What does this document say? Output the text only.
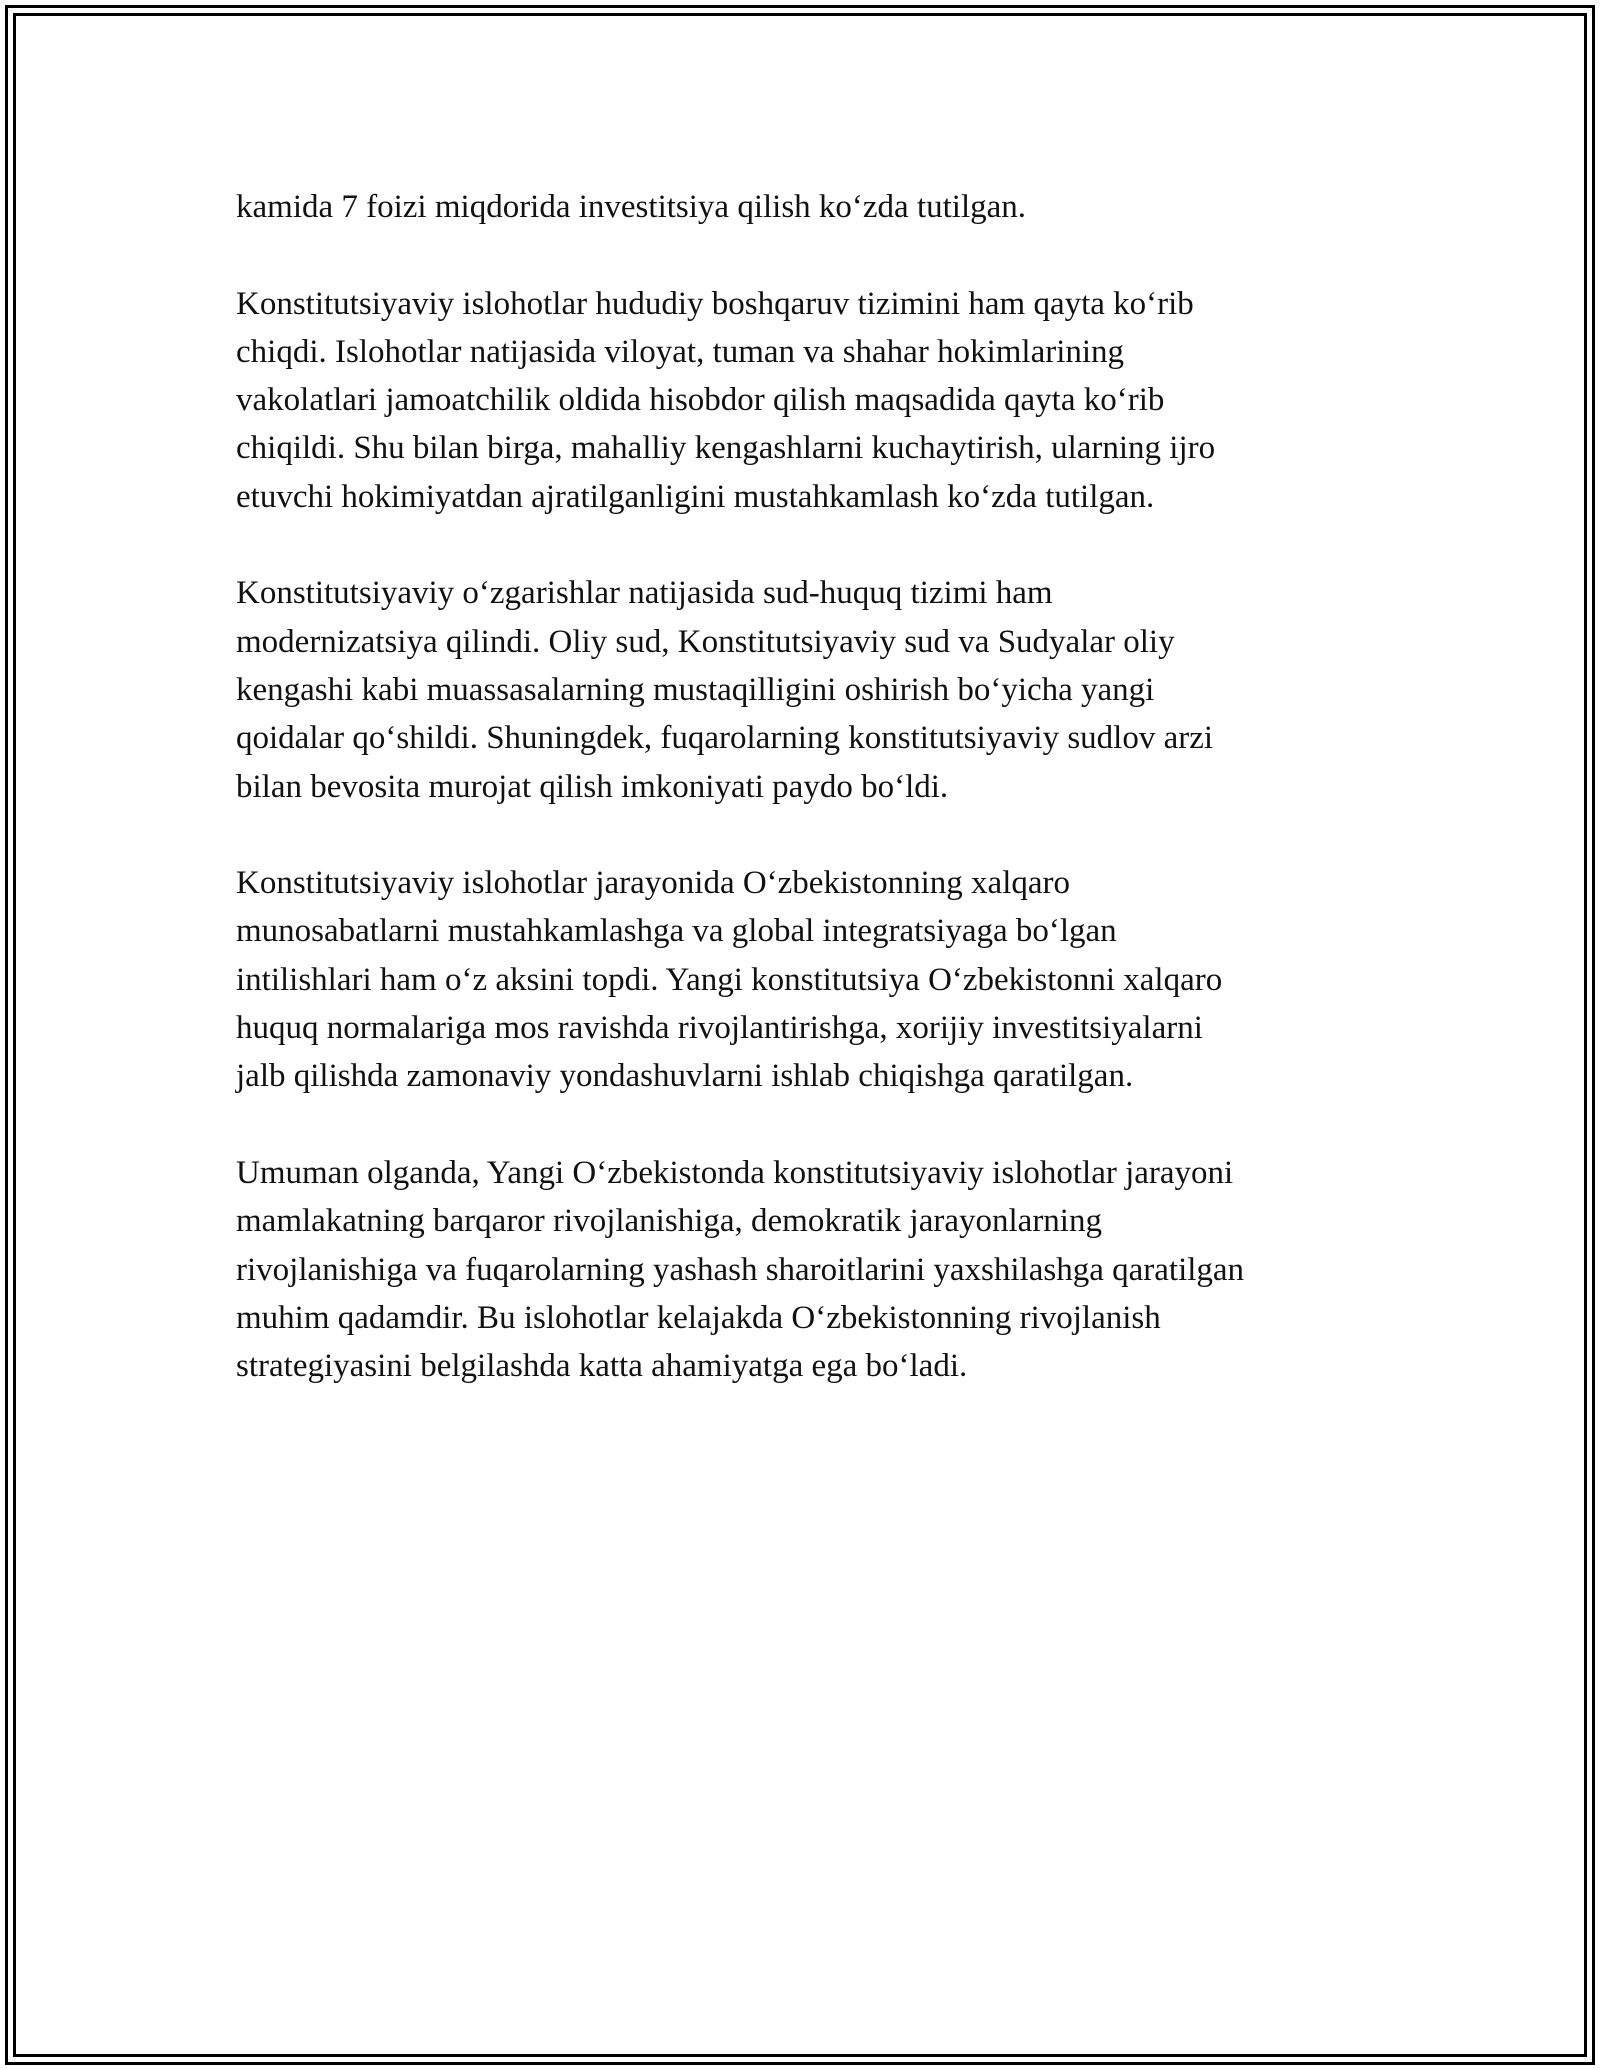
kamida 7 foizi miqdorida investitsiya qilish ko‘zda tutilgan.

Konstitutsiyaviy islohotlar hududiy boshqaruv tizimini ham qayta ko‘rib
chiqdi. Islohotlar natijasida viloyat, tuman va shahar hokimlarining
vakolatlari jamoatchilik oldida hisobdor qilish maqsadida qayta ko‘rib
chiqildi. Shu bilan birga, mahalliy kengashlarni kuchaytirish, ularning ijro
etuvchi hokimiyatdan ajratilganligini mustahkamlash ko‘zda tutilgan.

Konstitutsiyaviy o‘zgarishlar natijasida sud-huquq tizimi ham
modernizatsiya qilindi. Oliy sud, Konstitutsiyaviy sud va Sudyalar oliy
kengashi kabi muassasalarning mustaqilligini oshirish bo‘yicha yangi
qoidalar qo‘shildi. Shuningdek, fuqarolarning konstitutsiyaviy sudlov arzi
bilan bevosita murojat qilish imkoniyati paydo bo‘ldi.

Konstitutsiyaviy islohotlar jarayonida O‘zbekistonning xalqaro
munosabatlarni mustahkamlashga va global integratsiyaga bo‘lgan
intilishlari ham o‘z aksini topdi. Yangi konstitutsiya O‘zbekistonni xalqaro
huquq normalariga mos ravishda rivojlantirishga, xorijiy investitsiyalarni
jalb qilishda zamonaviy yondashuvlarni ishlab chiqishga qaratilgan.

Umuman olganda, Yangi O‘zbekistonda konstitutsiyaviy islohotlar jarayoni
mamlakatning barqaror rivojlanishiga, demokratik jarayonlarning
rivojlanishiga va fuqarolarning yashash sharoitlarini yaxshilashga qaratilgan
muhim qadamdir. Bu islohotlar kelajakda O‘zbekistonning rivojlanish
strategiyasini belgilashda katta ahamiyatga ega bo‘ladi.
